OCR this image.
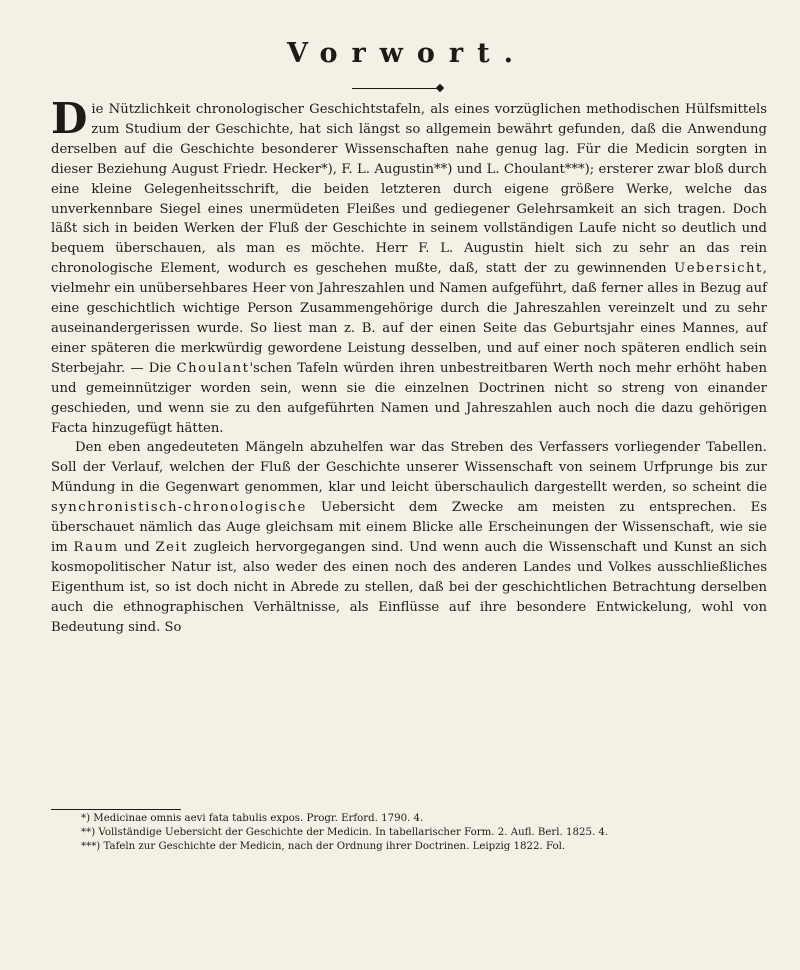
Vorwort.

Die Nützlichkeit chronologischer Geschichtstafeln, als eines vorzüglichen methodischen Hülfsmittels zum Studium der Geschichte, hat sich längst so allgemein bewährt gefunden, daß die Anwendung derselben auf die Geschichte besonderer Wissenschaften nahe genug lag. Für die Medicin sorgten in dieser Beziehung August Friedr. Hecker*), F. L. Augustin**) und L. Choulant***); ersterer zwar bloß durch eine kleine Gelegenheitsschrift, die beiden letzteren durch eigene größere Werke, welche das unverkennbare Siegel eines unermüdeten Fleißes und gediegener Gelehrsamkeit an sich tragen. Doch läßt sich in beiden Werken der Fluß der Geschichte in seinem vollständigen Laufe nicht so deutlich und bequem überschauen, als man es möchte. Herr F. L. Augustin hielt sich zu sehr an das rein chronologische Element, wodurch es geschehen mußte, daß, statt der zu gewinnenden Uebersicht, vielmehr ein unübersehbares Heer von Jahreszahlen und Namen aufgeführt, daß ferner alles in Bezug auf eine geschichtlich wichtige Person Zusammengehörige durch die Jahreszahlen vereinzelt und zu sehr auseinandergerissen wurde. So liest man z. B. auf der einen Seite das Geburtsjahr eines Mannes, auf einer späteren die merkwürdig gewordene Leistung desselben, und auf einer noch späteren endlich sein Sterbejahr. — Die Choulant'schen Tafeln würden ihren unbestreitbaren Werth noch mehr erhöht haben und gemeinnütziger worden sein, wenn sie die einzelnen Doctrinen nicht so streng von einander geschieden, und wenn sie zu den aufgeführten Namen und Jahreszahlen auch noch die dazu gehörigen Facta hinzugefügt hätten.

Den eben angedeuteten Mängeln abzuhelfen war das Streben des Verfassers vorliegender Tabellen. Soll der Verlauf, welchen der Fluß der Geschichte unserer Wissenschaft von seinem Urfprunge bis zur Mündung in die Gegenwart genommen, klar und leicht überschaulich dargestellt werden, so scheint die synchronistisch-chronologische Uebersicht dem Zwecke am meisten zu entsprechen. Es überschauet nämlich das Auge gleichsam mit einem Blicke alle Erscheinungen der Wissenschaft, wie sie im Raum und Zeit zugleich hervorgegangen sind. Und wenn auch die Wissenschaft und Kunst an sich kosmopolitischer Natur ist, also weder des einen noch des anderen Landes und Volkes ausschließliches Eigenthum ist, so ist doch nicht in Abrede zu stellen, daß bei der geschichtlichen Betrachtung derselben auch die ethnographischen Verhältnisse, als Einflüsse auf ihre besondere Entwickelung, wohl von Bedeutung sind. So

*) Medicinae omnis aevi fata tabulis expos. Progr. Erford. 1790. 4.
**) Vollständige Uebersicht der Geschichte der Medicin. In tabellarischer Form. 2. Aufl. Berl. 1825. 4.
***) Tafeln zur Geschichte der Medicin, nach der Ordnung ihrer Doctrinen. Leipzig 1822. Fol.
